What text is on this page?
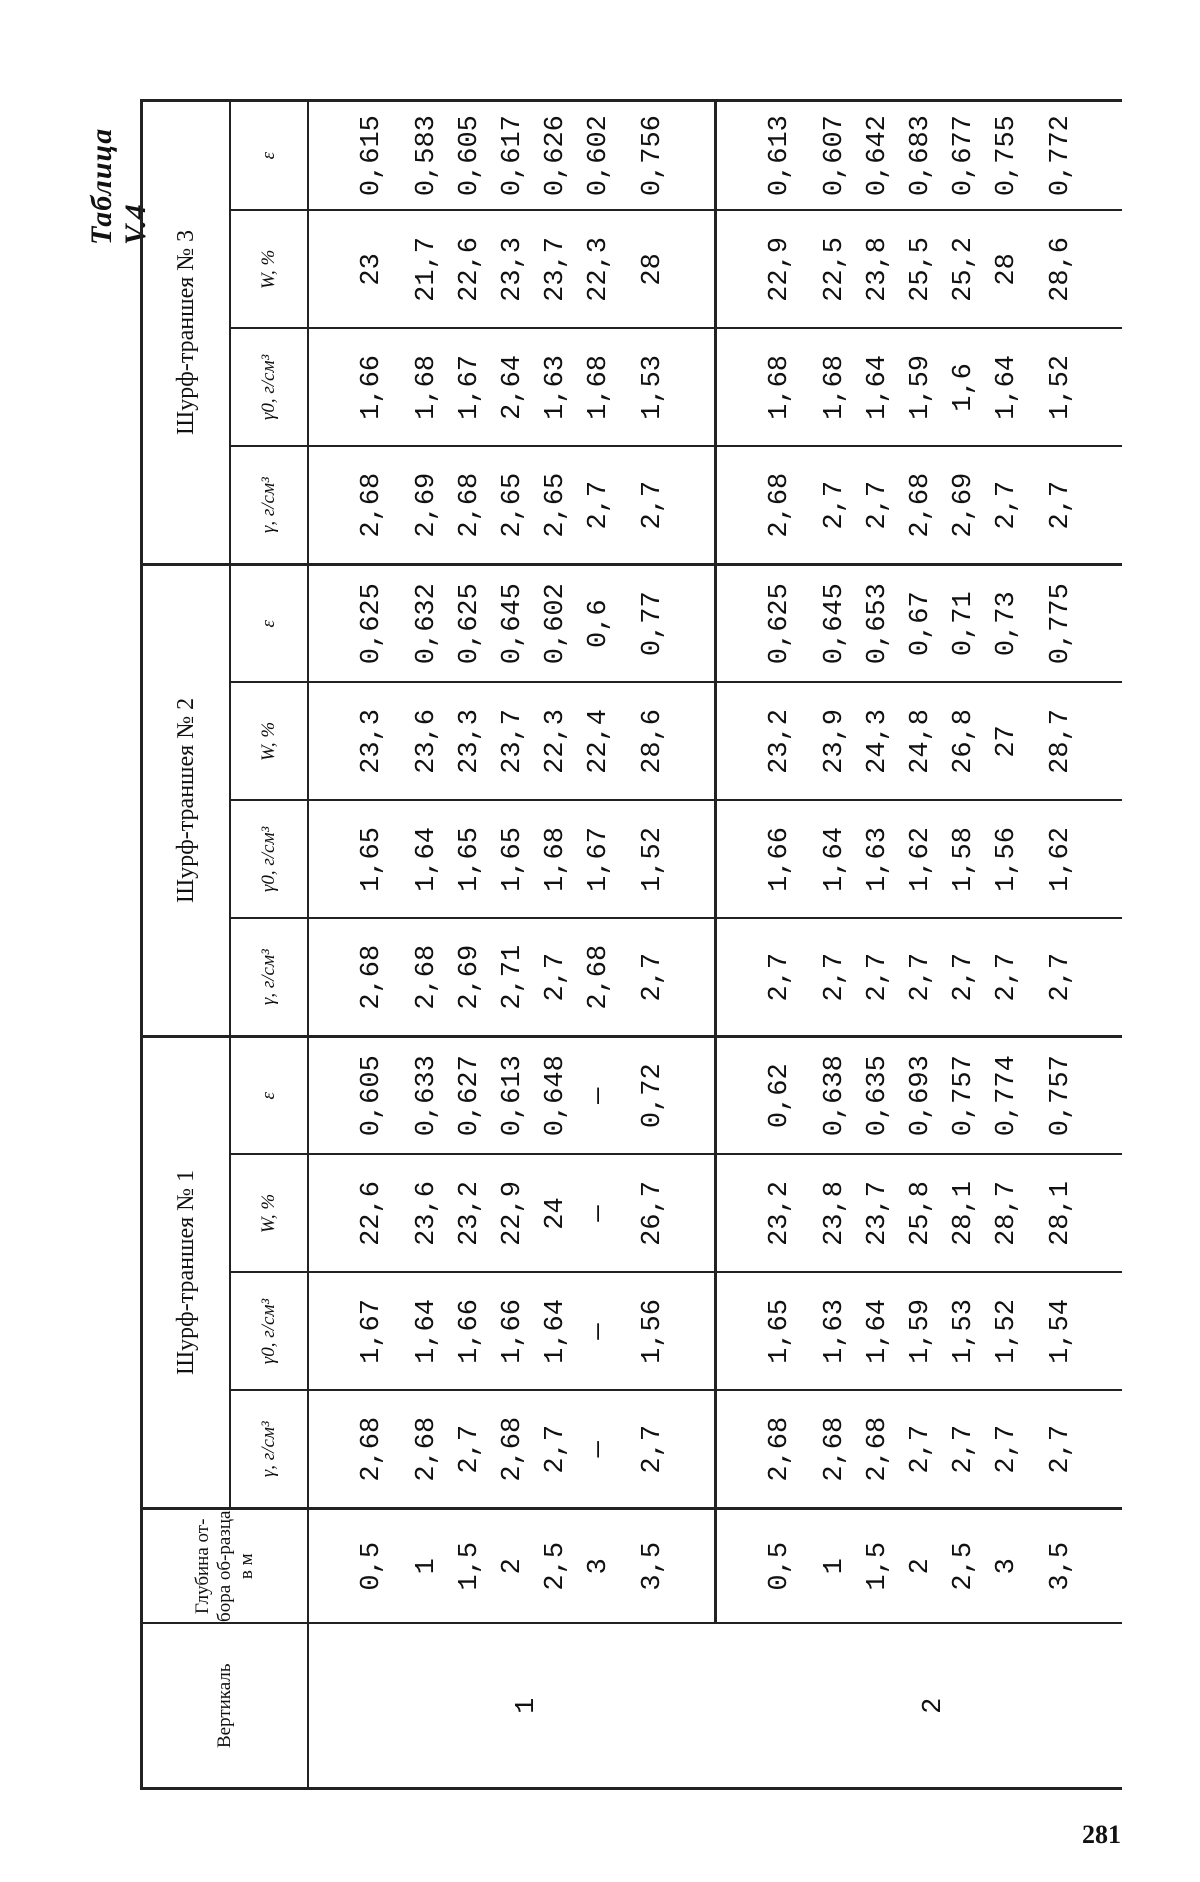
281
Таблица V.4
Вертикаль	Глубина от-бора об-разца в м	Шурф-траншея № 1				Шурф-траншея № 2				Шурф-траншея № 3			
		γ, г/см³	γ0, г/см³	W, %	ε	γ, г/см³	γ0, г/см³	W, %	ε	γ, г/см³	γ0, г/см³	W, %	ε
1	0,5	2,68	1,67	22,6	0,605	2,68	1,65	23,3	0,625	2,68	1,66	23	0,615
	1	2,68	1,64	23,6	0,633	2,68	1,64	23,6	0,632	2,69	1,68	21,7	0,583
	1,5	2,7	1,66	23,2	0,627	2,69	1,65	23,3	0,625	2,68	1,67	22,6	0,605
	2	2,68	1,66	22,9	0,613	2,71	1,65	23,7	0,645	2,65	2,64	23,3	0,617
	2,5	2,7	1,64	24	0,648	2,7	1,68	22,3	0,602	2,65	1,63	23,7	0,626
	3	—	—	—	—	2,68	1,67	22,4	0,6	2,7	1,68	22,3	0,602
	3,5	2,7	1,56	26,7	0,72	2,7	1,52	28,6	0,77	2,7	1,53	28	0,756
2	0,5	2,68	1,65	23,2	0,62	2,7	1,66	23,2	0,625	2,68	1,68	22,9	0,613
	1	2,68	1,63	23,8	0,638	2,7	1,64	23,9	0,645	2,7	1,68	22,5	0,607
	1,5	2,68	1,64	23,7	0,635	2,7	1,63	24,3	0,653	2,7	1,64	23,8	0,642
	2	2,7	1,59	25,8	0,693	2,7	1,62	24,8	0,67	2,68	1,59	25,5	0,683
	2,5	2,7	1,53	28,1	0,757	2,7	1,58	26,8	0,71	2,69	1,6	25,2	0,677
	3	2,7	1,52	28,7	0,774	2,7	1,56	27	0,73	2,7	1,64	28	0,755
	3,5	2,7	1,54	28,1	0,757	2,7	1,62	28,7	0,775	2,7	1,52	28,6	0,772
